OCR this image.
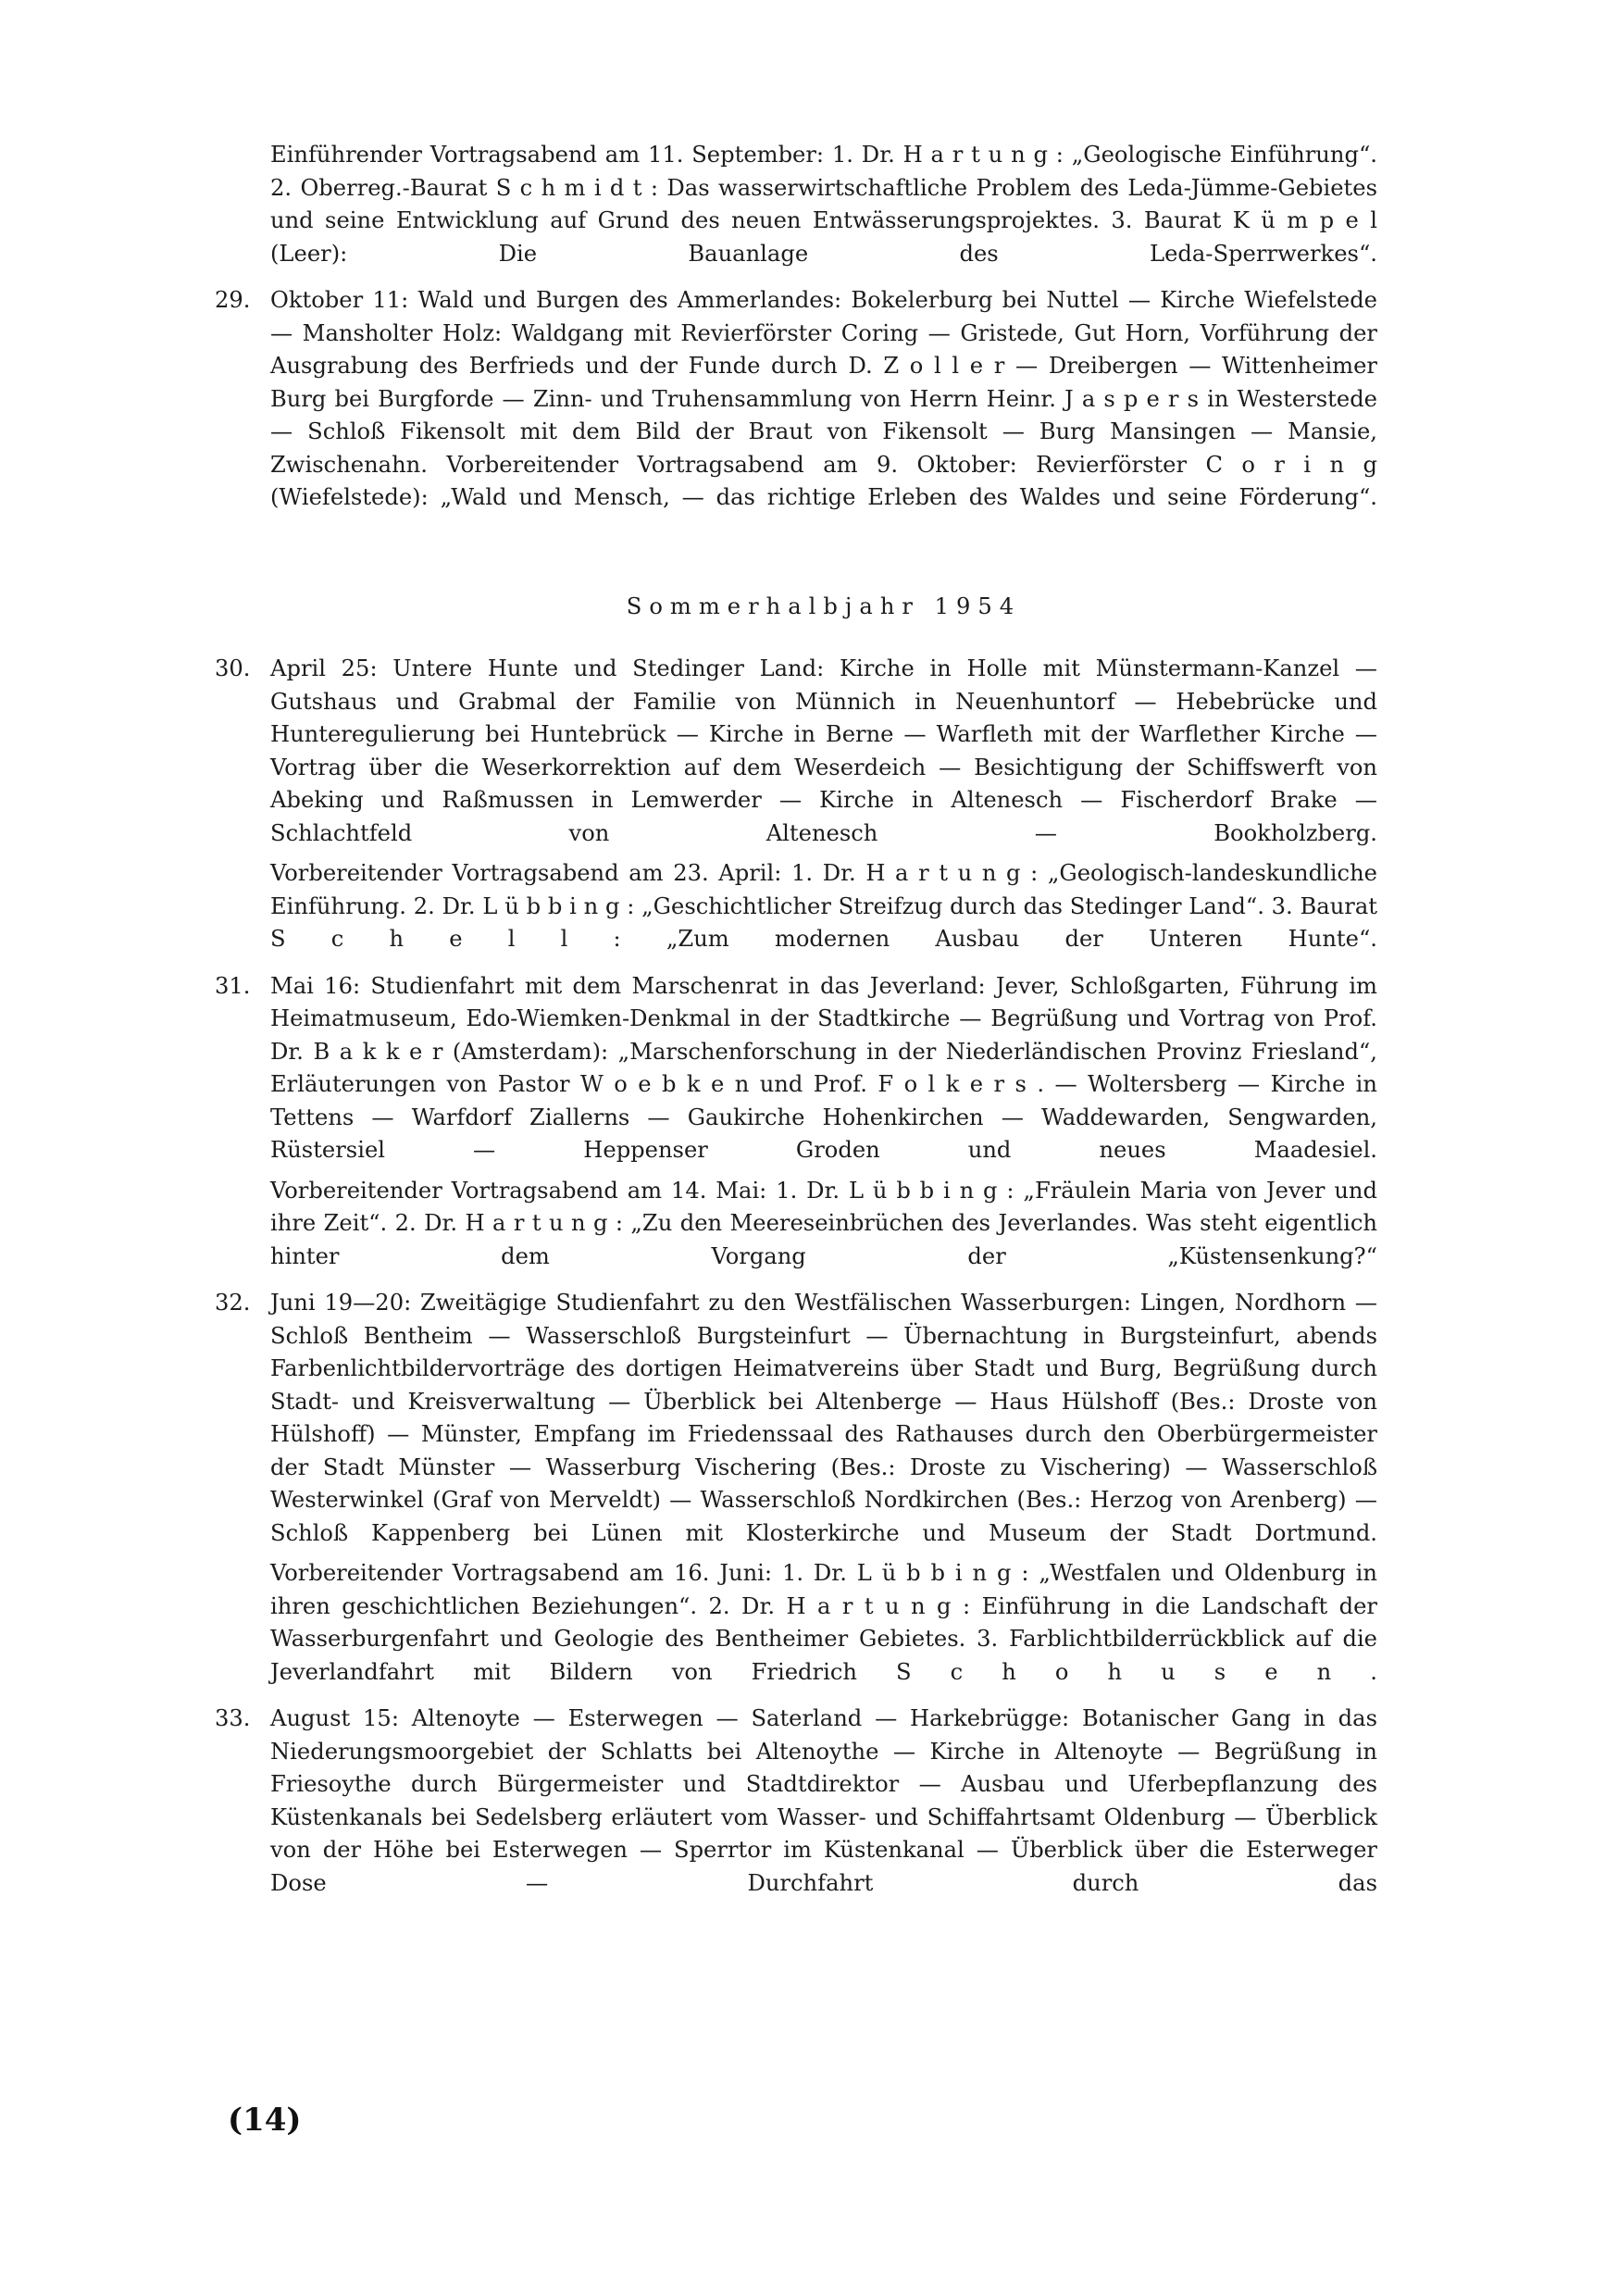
Einführender Vortragsabend am 11. September: 1. Dr. H a r t u n g : „Geologische Einführung“. 2. Oberreg.-Baurat S c h m i d t : Das wasserwirtschaftliche Problem des Leda-Jümme-Gebietes und seine Entwicklung auf Grund des neuen Entwässerungsprojektes. 3. Baurat K ü m p e l (Leer): Die Bauanlage des Leda-Sperrwerkes“.

29. Oktober 11: Wald und Burgen des Ammerlandes: Bokelerburg bei Nuttel — Kirche Wiefelstede — Mansholter Holz: Waldgang mit Revierförster Coring — Gristede, Gut Horn, Vorführung der Ausgrabung des Berfrieds und der Funde durch D. Z o l l e r — Dreibergen — Wittenheimer Burg bei Burgforde — Zinn- und Truhensammlung von Herrn Heinr. J a s p e r s in Westerstede — Schloß Fikensolt mit dem Bild der Braut von Fikensolt — Burg Mansingen — Mansie, Zwischenahn. Vorbereitender Vortragsabend am 9. Oktober: Revierförster C o r i n g (Wiefelstede): „Wald und Mensch, — das richtige Erleben des Waldes und seine Förderung“.
Sommerhalbjahr 1954
30. April 25: Untere Hunte und Stedinger Land: Kirche in Holle mit Münstermann-Kanzel — Gutshaus und Grabmal der Familie von Münnich in Neuenhuntorf — Hebebrücke und Hunteregulierung bei Huntebrück — Kirche in Berne — Warfleth mit der Warflether Kirche — Vortrag über die Weserkorrektion auf dem Weserdeich — Besichtigung der Schiffswerft von Abeking und Raßmussen in Lemwerder — Kirche in Altenesch — Fischerdorf Brake — Schlachtfeld von Altenesch — Bookholzberg.
Vorbereitender Vortragsabend am 23. April: 1. Dr. H a r t u n g : „Geologisch-landeskundliche Einführung. 2. Dr. L ü b b i n g : „Geschichtlicher Streifzug durch das Stedinger Land“. 3. Baurat S c h e l l : „Zum modernen Ausbau der Unteren Hunte“.
31. Mai 16: Studienfahrt mit dem Marschenrat in das Jeverland: Jever, Schloßgarten, Führung im Heimatmuseum, Edo-Wiemken-Denkmal in der Stadtkirche — Begrüßung und Vortrag von Prof. Dr. B a k k e r (Amsterdam): „Marschenforschung in der Niederländischen Provinz Friesland“, Erläuterungen von Pastor W o e b k e n und Prof. F o l k e r s . — Woltersberg — Kirche in Tettens — Warfdorf Ziallerns — Gaukirche Hohenkirchen — Waddewarden, Sengwarden, Rüstersiel — Heppenser Groden und neues Maadesiel.
Vorbereitender Vortragsabend am 14. Mai: 1. Dr. L ü b b i n g : „Fräulein Maria von Jever und ihre Zeit“. 2. Dr. H a r t u n g : „Zu den Meereseinbrüchen des Jeverlandes. Was steht eigentlich hinter dem Vorgang der „Küstensenkung?“
32. Juni 19—20: Zweitägige Studienfahrt zu den Westfälischen Wasserburgen: Lingen, Nordhorn — Schloß Bentheim — Wasserschloß Burgsteinfurt — Übernachtung in Burgsteinfurt, abends Farbenlichtbildervorträge des dortigen Heimatvereins über Stadt und Burg, Begrüßung durch Stadt- und Kreisverwaltung — Überblick bei Altenberge — Haus Hülshoff (Bes.: Droste von Hülshoff) — Münster, Empfang im Friedenssaal des Rathauses durch den Oberbürgermeister der Stadt Münster — Wasserburg Vischering (Bes.: Droste zu Vischering) — Wasserschloß Westerwinkel (Graf von Merveldt) — Wasserschloß Nordkirchen (Bes.: Herzog von Arenberg) — Schloß Kappenberg bei Lünen mit Klosterkirche und Museum der Stadt Dortmund.
Vorbereitender Vortragsabend am 16. Juni: 1. Dr. L ü b b i n g : „Westfalen und Oldenburg in ihren geschichtlichen Beziehungen“. 2. Dr. H a r t u n g : Einführung in die Landschaft der Wasserburgenfahrt und Geologie des Bentheimer Gebietes. 3. Farblichtbilderrückblick auf die Jeverlandfahrt mit Bildern von Friedrich S c h o h u s e n .
33. August 15: Altenoyte — Esterwegen — Saterland — Harkebrügge: Botanischer Gang in das Niederungsmoorgebiet der Schlatts bei Altenoythe — Kirche in Altenoyte — Begrüßung in Friesoythe durch Bürgermeister und Stadtdirektor — Ausbau und Uferbepflanzung des Küstenkanals bei Sedelsberg erläutert vom Wasser- und Schiffahrtsamt Oldenburg — Überblick von der Höhe bei Esterwegen — Sperrtor im Küstenkanal — Überblick über die Esterweger Dose — Durchfahrt durch das
(14)
